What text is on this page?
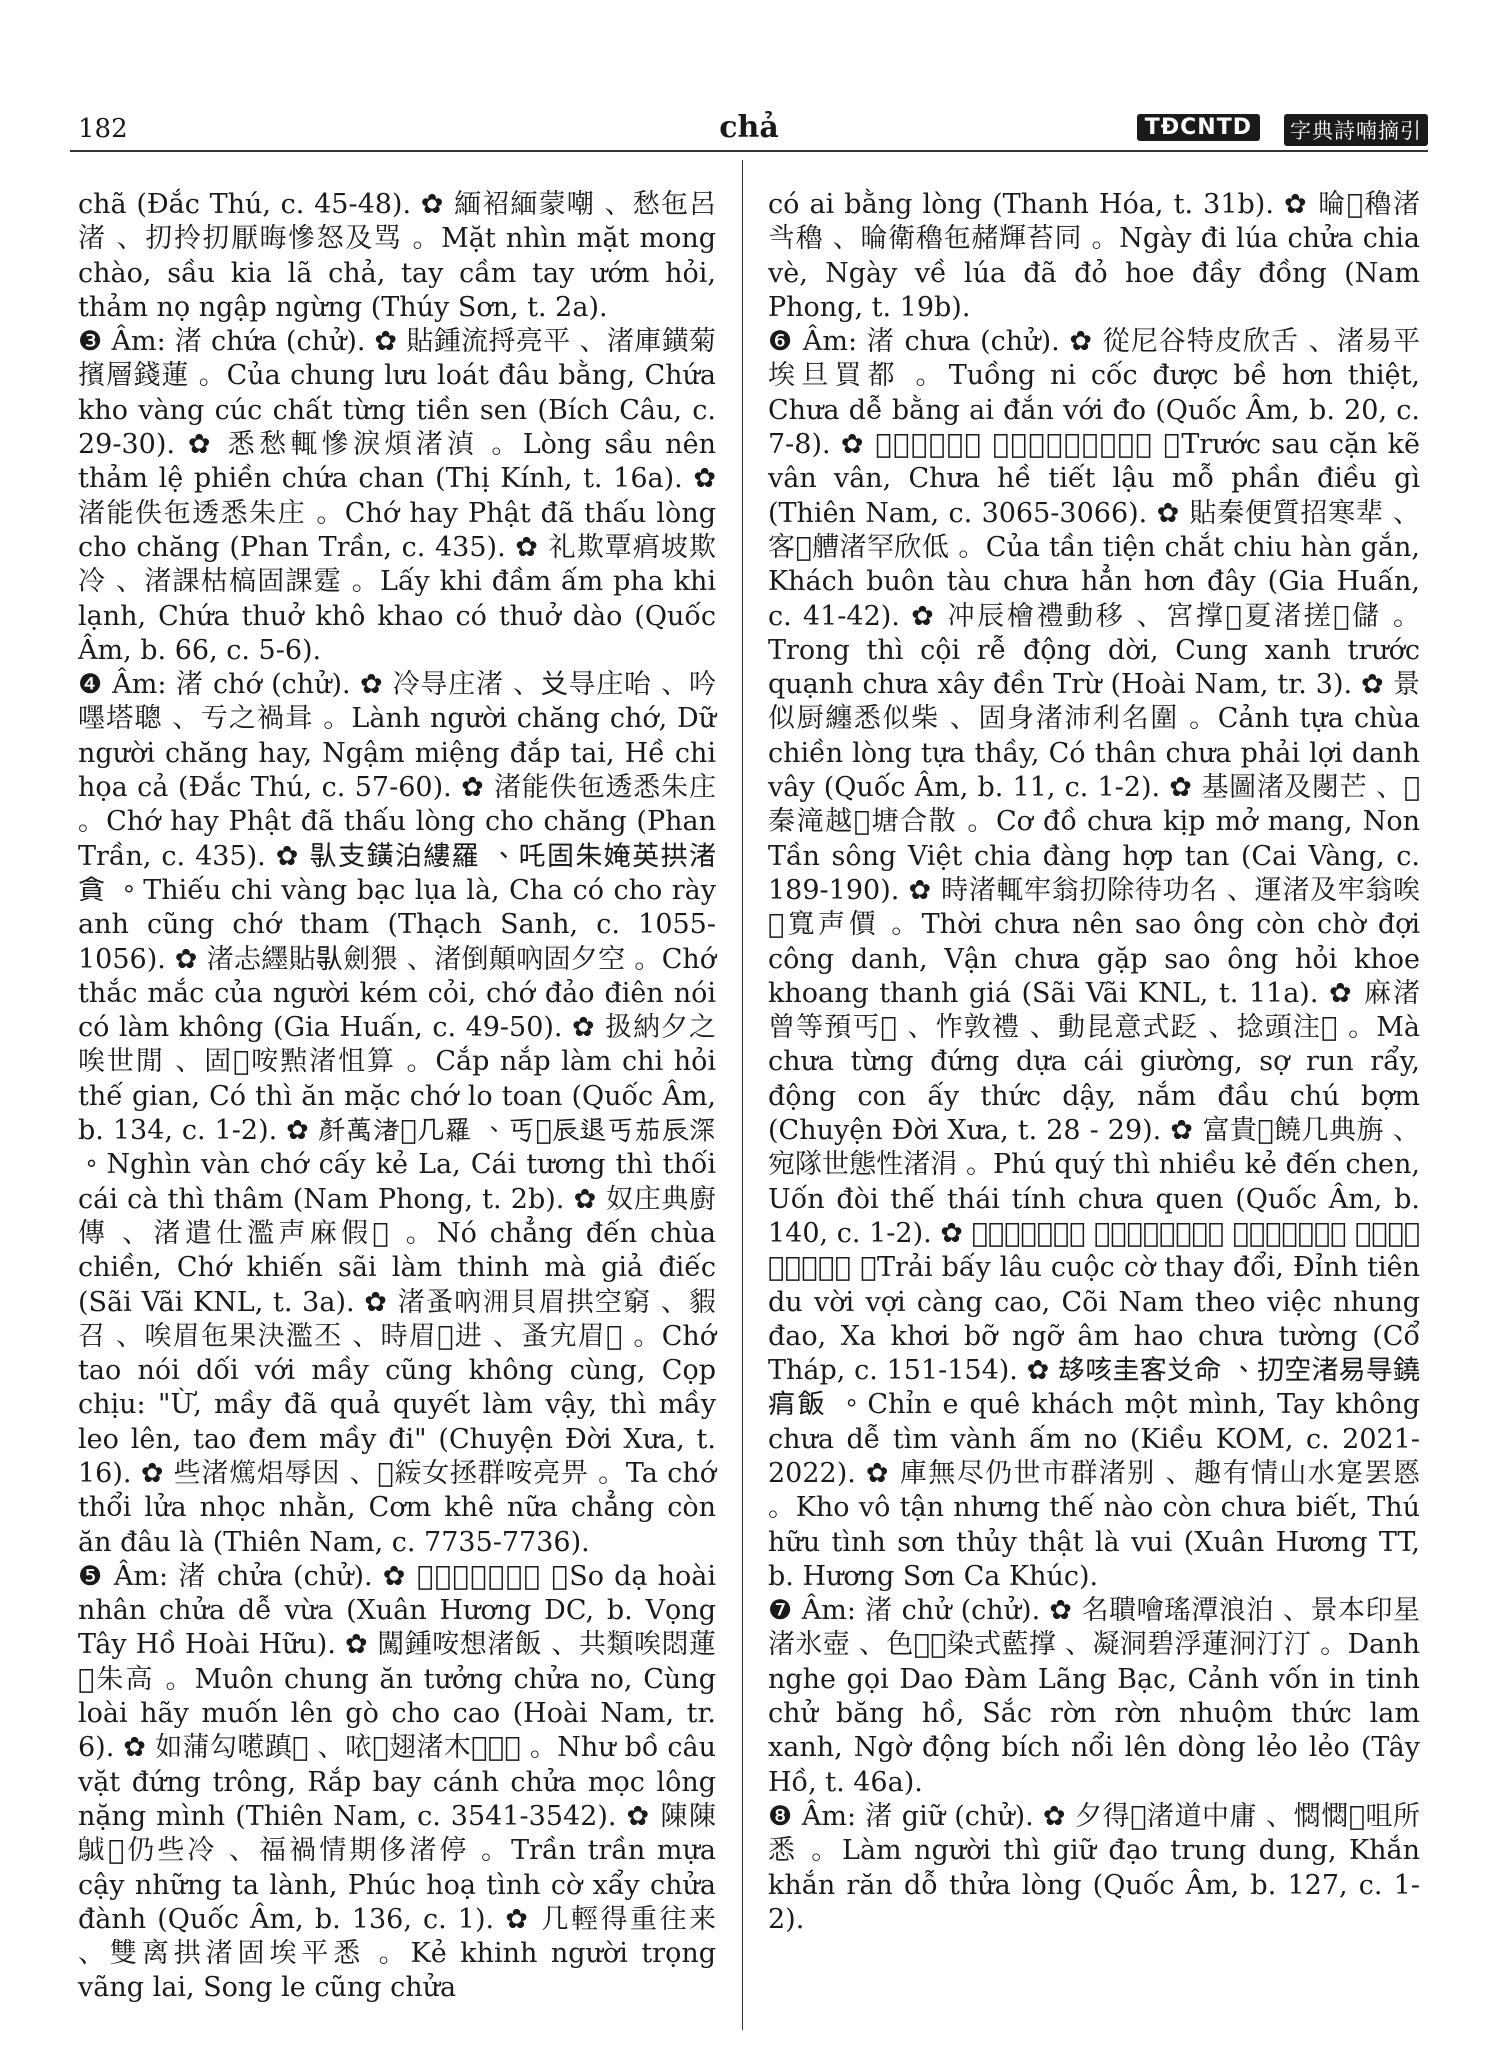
182	chả	TĐCNTD	字典詩喃摘引

chã (Đắc Thú, c. 45-48). ✿ 緬袑緬蒙嘲 、愁㐌呂渚 、㧅拎㧅厭晦慘怒及骂 。Mặt nhìn mặt mong chào, sầu kia lã chả, tay cầm tay ướm hỏi, thảm nọ ngập ngừng (Thúy Sơn, t. 2a).

❸ Âm: 渚 chứa (chử). ✿ 貼鍾流捋亮平 、渚庫鐄菊擯層錢蓮 。Của chung lưu loát đâu bằng, Chứa kho vàng cúc chất từng tiền sen (Bích Câu, c. 29-30). ✿ 悉愁輒慘淚煩渚湞 。Lòng sầu nên thảm lệ phiền chứa chan (Thị Kính, t. 16a). ✿ 渚能佚㐌透悉朱庄 。Chớ hay Phật đã thấu lòng cho chăng (Phan Trần, c. 435). ✿ 礼欺覃㾓坡欺冷 、渚課枯槁固課霆 。Lấy khi đầm ấm pha khi lạnh, Chứa thuở khô khao có thuở dào (Quốc Âm, b. 66, c. 5-6).

❹ Âm: 渚 chớ (chử). ✿ 冷㝵庄渚 、𠬠㝵庄咍 、吟嚜塔聰 、亐之禍咠 。Lành người chăng chớ, Dữ người chăng hay, Ngậm miệng đắp tai, Hề chi họa cả (Đắc Thú, c. 57-60). ✿ 渚能佚㐌透悉朱庄 。Chớ hay Phật đã thấu lòng cho chăng (Phan Trần, c. 435). ✿ 𠊛支鐄泊縷羅 、吒固朱㛪英拱渚貪 。Thiếu chi vàng bạc lụa là, Cha có cho rày anh cũng chớ tham (Thạch Sanh, c. 1055-1056). ✿ 渚忐纆貼𠊛劍猥 、渚倒顛吶固夕空 。Chớ thắc mắc của người kém cỏi, chớ đảo điên nói có làm không (Gia Huấn, c. 49-50). ✿ 扱納夕之唉世閒 、固𠡚咹㸃渚怚算 。Cắp nắp làm chi hỏi thế gian, Có thì ăn mặc chớ lo toan (Quốc Âm, b. 134, c. 1-2). ✿ 𠦳萬渚𦹵几羅 、丐𥻸辰退丐茄辰深 。Nghìn vàn chớ cấy kẻ La, Cái tương thì thối cái cà thì thâm (Nam Phong, t. 2b). ✿ 奴庄典廚傳 、渚遣仕濫声麻假𦖑 。Nó chẳng đến chùa chiền, Chớ khiến sãi làm thinh mà giả điếc (Sãi Vãi KNL, t. 3a). ✿ 渚蚤吶𣳔貝眉拱空窮 、貑召 、唉眉㐌果決濫丕 、時眉𨀈进 、蚤宄眉𢬣 。Chớ tao nói dối với mầy cũng không cùng, Cọp chịu: "Ừ, mầy đã quả quyết làm vậy, thì mầy leo lên, tao đem mầy đi" (Chuyện Đời Xưa, t. 16). ✿ 些渚𤒘焒辱因 、𩛷𥿺女拯群咹亮畀 。Ta chớ thổi lửa nhọc nhằn, Cơm khê nữa chẳng còn ăn đâu là (Thiên Nam, c. 7735-7736).

❺ Âm: 渚 chửa (chử). ✿ 𢚸㹃悋人渚易皮 。So dạ hoài nhân chửa dễ vừa (Xuân Hương DC, b. Vọng Tây Hồ Hoài Hữu). ✿ 闖鍾咹想渚飯 、共類唉悶蓮𡓁朱高 。Muôn chung ăn tưởng chửa no, Cùng loài hãy muốn lên gò cho cao (Hoài Nam, tr. 6). ✿ 如蒲勾㘃蹎𨇉 、𠲖𦑃翅渚木𦑃𥖱𠆳 。Như bồ câu vặt đứng trông, Rắp bay cánh chửa mọc lông nặng mình (Thiên Nam, c. 3541-3542). ✿ 陳陳𩿠𢚸仍些冷 、福禍情期侈渚停 。Trần trần mựa cậy những ta lành, Phúc hoạ tình cờ xẩy chửa đành (Quốc Âm, b. 136, c. 1). ✿ 几輕得重往来 、雙离拱渚固埃平悉 。Kẻ khinh người trọng vãng lai, Song le cũng chửa

có ai bằng lòng (Thanh Hóa, t. 31b). ✿ 㫻𢬣穭渚㪲穭 、㫻衛穭㐌赭輝苔同 。Ngày đi lúa chửa chia vè, Ngày về lúa đã đỏ hoe đầy đồng (Nam Phong, t. 19b).

❻ Âm: 渚 chưa (chử). ✿ 從尼谷特皮欣舌 、渚易平埃旦買都 。Tuồng ni cốc được bề hơn thiệt, Chưa dễ bằng ai đắn với đo (Quốc Âm, b. 20, c. 7-8). ✿ 𨎟𨍦𠶆哦云云 、渚兮泄漏某分調之 。Trước sau cặn kẽ vân vân, Chưa hề tiết lậu mỗ phần điều gì (Thiên Nam, c. 3065-3066). ✿ 貼秦便質招寒㹃 、客𢹣艚渚罕欣低 。Của tần tiện chắt chiu hàn gắn, Khách buôn tàu chưa hẳn hơn đây (Gia Huấn, c. 41-42). ✿ 冲辰檜禮動移 、宮撑𠷺夏渚搓𡓁儲 。Trong thì cội rễ động dời, Cung xanh trước quạnh chưa xây đền Trừ (Hoài Nam, tr. 3). ✿ 景似厨纏悉似柴 、固身渚沛利名圍 。Cảnh tựa chùa chiền lòng tựa thầy, Có thân chưa phải lợi danh vây (Quốc Âm, b. 11, c. 1-2). ✿ 基圖渚及閿芒 、𡽫秦滝越𢺺塘合散 。Cơ đồ chưa kịp mở mang, Non Tần sông Việt chia đàng hợp tan (Cai Vàng, c. 189-190). ✿ 時渚輒牢翁㧅除待功名 、運渚及牢翁唉𠯹寬声價 。Thời chưa nên sao ông còn chờ đợi công danh, Vận chưa gặp sao ông hỏi khoe khoang thanh giá (Sãi Vãi KNL, t. 11a). ✿ 麻渚曾等預丐𪡎 、怍敦禮 、動昆意式䟪 、捻頭注𠇍 。Mà chưa từng đứng dựa cái giường, sợ run rẩy, động con ấy thức dậy, nắm đầu chú bợm (Chuyện Đời Xưa, t. 28 - 29). ✿ 富貴𠡚饒几典旃 、宛隊世態性渚涓 。Phú quý thì nhiều kẻ đến chen, Uốn đòi thế thái tính chưa quen (Quốc Âm, b. 140, c. 1-2). ✿ 𢆥閉数局基台對 、𡶀仙迻𥙩𥙩强高 、埮南𨅸役戎刀 、𤇮㵢坡語音耗渚詳 。Trải bấy lâu cuộc cờ thay đổi, Đỉnh tiên du vời vợi càng cao, Cõi Nam theo việc nhung đao, Xa khơi bỡ ngỡ âm hao chưa tường (Cổ Tháp, c. 151-154). ✿ 𠫾咳圭客𠬠命 、㧅空渚易㝵鐃㾓飯 。Chỉn e quê khách một mình, Tay không chưa dễ tìm vành ấm no (Kiều KOM, c. 2021-2022). ✿ 庫無尽仍世市群渚别 、趣有情山水寔罢㥦 。Kho vô tận nhưng thế nào còn chưa biết, Thú hữu tình sơn thủy thật là vui (Xuân Hương TT, b. Hương Sơn Ca Khúc).

❼ Âm: 渚 chử (chử). ✿ 名聵噲瑤潭浪泊 、景本印星渚氷壺 、色𨨧𨨧染式藍撑 、凝洞碧浮蓮泂汀汀 。Danh nghe gọi Dao Đàm Lãng Bạc, Cảnh vốn in tinh chử băng hồ, Sắc rờn rờn nhuộm thức lam xanh, Ngờ động bích nổi lên dòng lẻo lẻo (Tây Hồ, t. 46a).

❽ Âm: 渚 giữ (chử). ✿ 夕得𠡚渚道中庸 、㦖㦖𠰘咀所悉 。Làm người thì giữ đạo trung dung, Khắn khắn răn dỗ thửa lòng (Quốc Âm, b. 127, c. 1-2).
